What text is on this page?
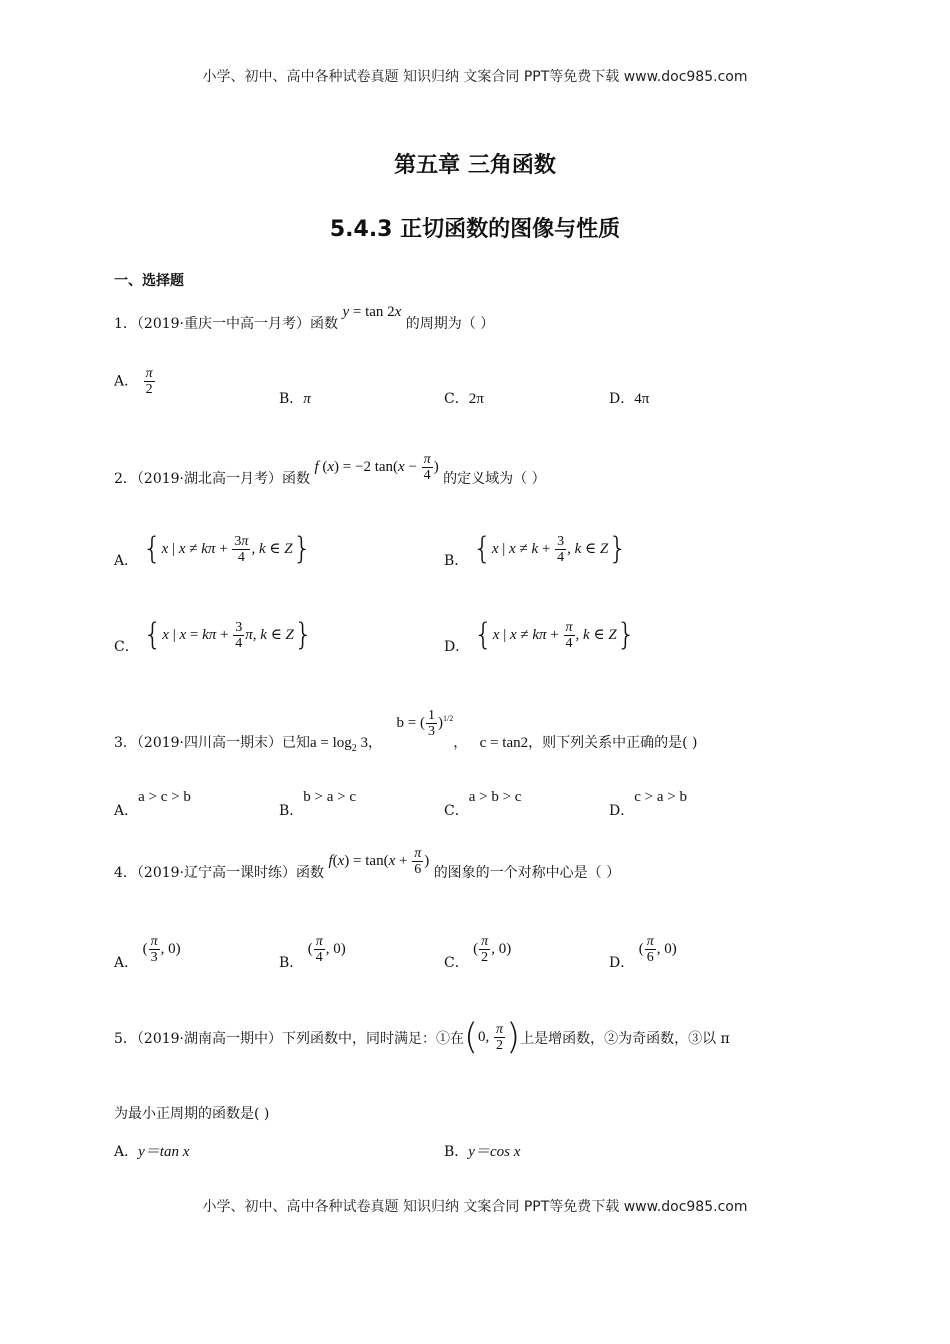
小学、初中、高中各种试卷真题 知识归纳 文案合同 PPT等免费下载 www.doc985.com
小学、初中、高中各种试卷真题 知识归纳 文案合同 PPT等免费下载 www.doc985.com
第五章 三角函数
5.4.3 正切函数的图像与性质
一、选择题
1．（2019·重庆一中高一月考）函数 y = tan 2x 的周期为（ ）
A． $\frac{\pi}{2}$
B．π	C．2π	D．4π
2．（2019·湖北高一月考）函数 f (x) = −2 $\tan(x - \frac{\pi}{4}$ ) 的定义域为（ ）
A． {x | $x \ne k\pi + \frac{3\pi}{4}$ , k ∈ Z}	B． {x | $x \ne k + \frac{3}{4}$ , k ∈ Z}
C． {x | $x = k\pi + \frac{3}{4} \pi$, k ∈ Z}	D． {x | $x \ne k\pi + \frac{\pi}{4}$ , k ∈ Z}
3．（2019·四川高一期末）已知$a = \log_2 3$， b = ( $\frac{1}{3} )^{1/2}$， c = tan2，则下列关系中正确的是( )
A．a > c > b
B．b > a > c
C．a > b > c
D．c > a > b
4．（2019·辽宁高一课时练）函数 $f(x) = \tan(x + \frac{\pi}{6}$ ) 的图象的一个对称中心是（ ）
A． ( $\frac{\pi}{3}$ , 0)
B． ( $\frac{\pi}{4}$ , 0)
C． ( $\frac{\pi}{2}$ , 0)
D． ( $\frac{\pi}{6}$ , 0)
5．（2019·湖南高一期中）下列函数中，同时满足：①在(0, $\frac{\pi}{2}$ )上是增函数，②为奇函数，③以 π
为最小正周期的函数是( )
A．y＝tan x	B．y＝cos x
